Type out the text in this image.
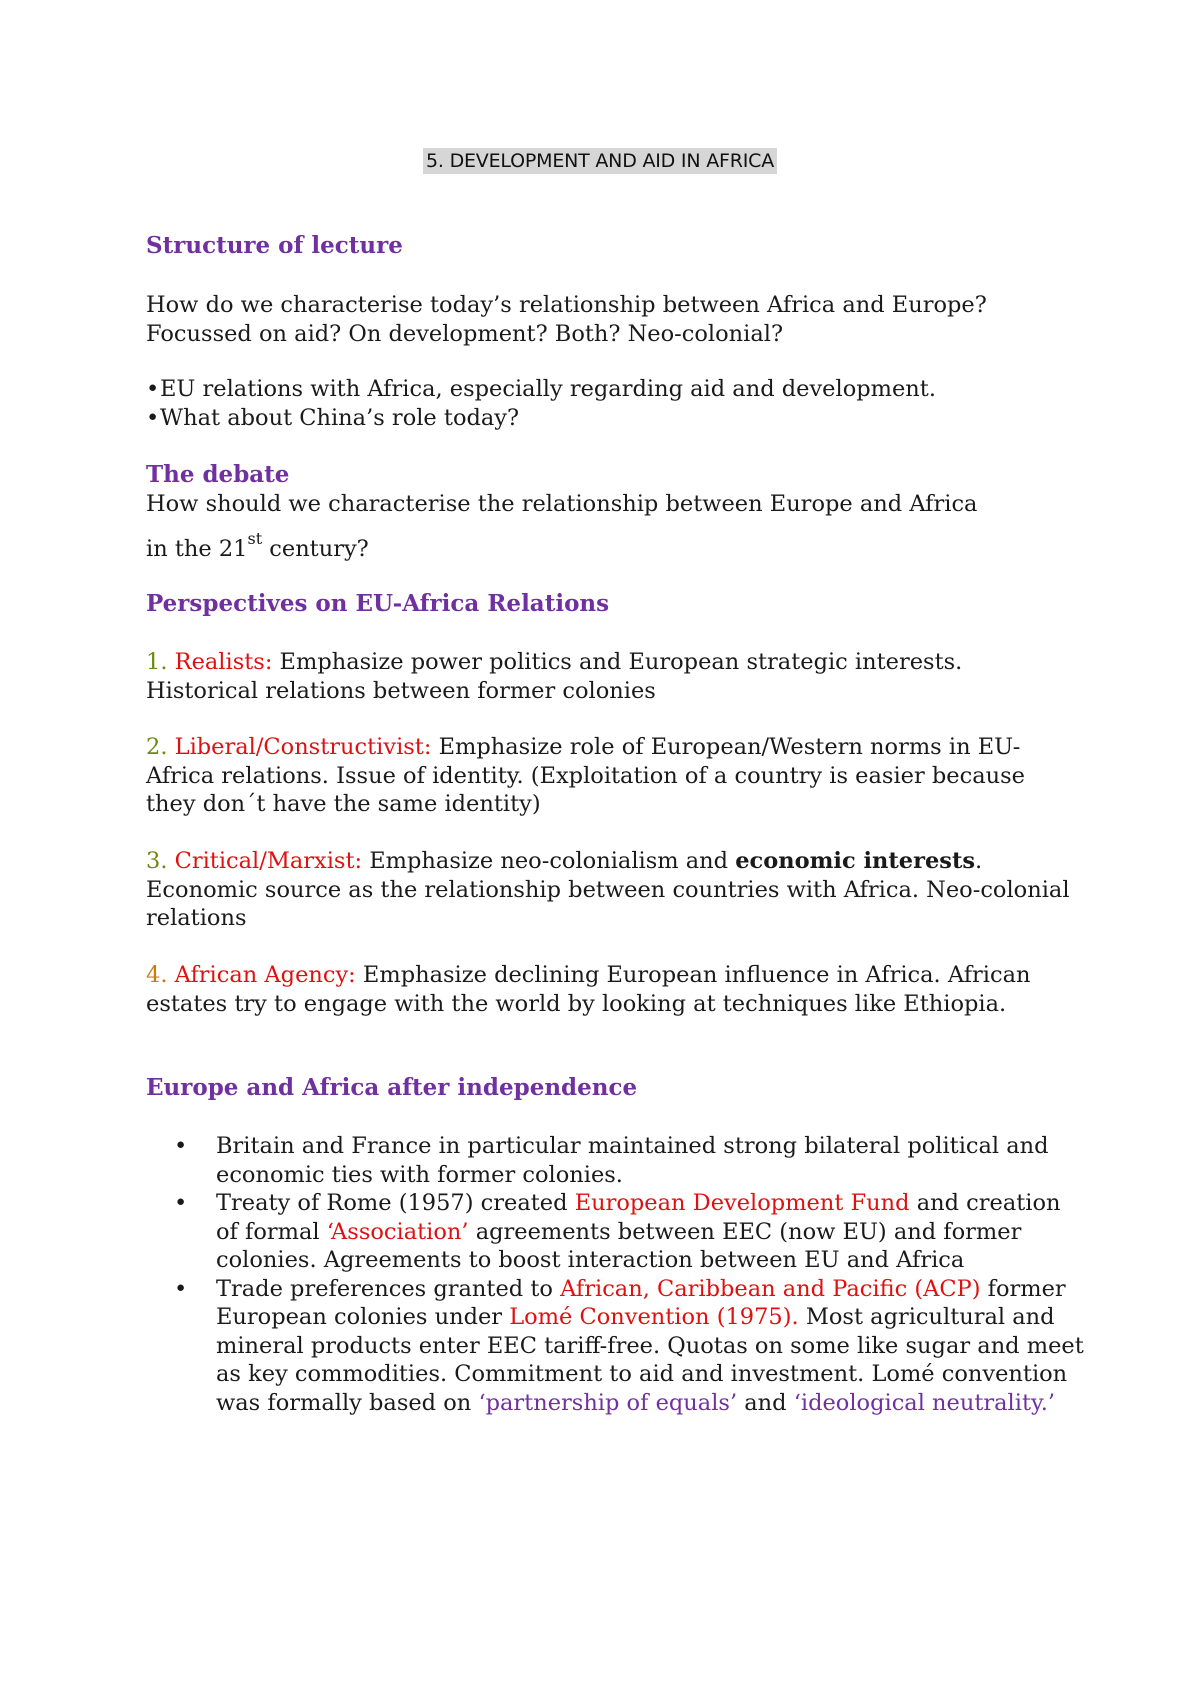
5. DEVELOPMENT AND AID IN AFRICA
Structure of lecture

How do we characterise today’s relationship between Africa and Europe?

Focussed on aid? On development? Both? Neo-colonial?

• EU relations with Africa, especially regarding aid and development.
• What about China’s role today?
The debate

How should we characterise the relationship between Europe and Africa

in the 21st century?

Perspectives on EU-Africa Relations
1. Realists: Emphasize power politics and European strategic interests. Historical relations between former colonies
2. Liberal/Constructivist: Emphasize role of European/Western norms in EU-Africa relations. Issue of identity. (Exploitation of a country is easier because they don´t have the same identity)
3. Critical/Marxist: Emphasize neo-colonialism and economic interests. Economic source as the relationship between countries with Africa. Neo-colonial relations
4. African Agency: Emphasize declining European influence in Africa. African estates try to engage with the world by looking at techniques like Ethiopia.
Europe and Africa after independence
•	Britain and France in particular maintained strong bilateral political and economic ties with former colonies.
•	Treaty of Rome (1957) created European Development Fund and creation of formal ‘Association’ agreements between EEC (now EU) and former colonies. Agreements to boost interaction between EU and Africa
•	Trade preferences granted to African, Caribbean and Pacific (ACP) former European colonies under Lomé Convention (1975). Most agricultural and mineral products enter EEC tariff-free. Quotas on some like sugar and meet as key commodities. Commitment to aid and investment. Lomé convention was formally based on ‘partnership of equals’ and ‘ideological neutrality.’
